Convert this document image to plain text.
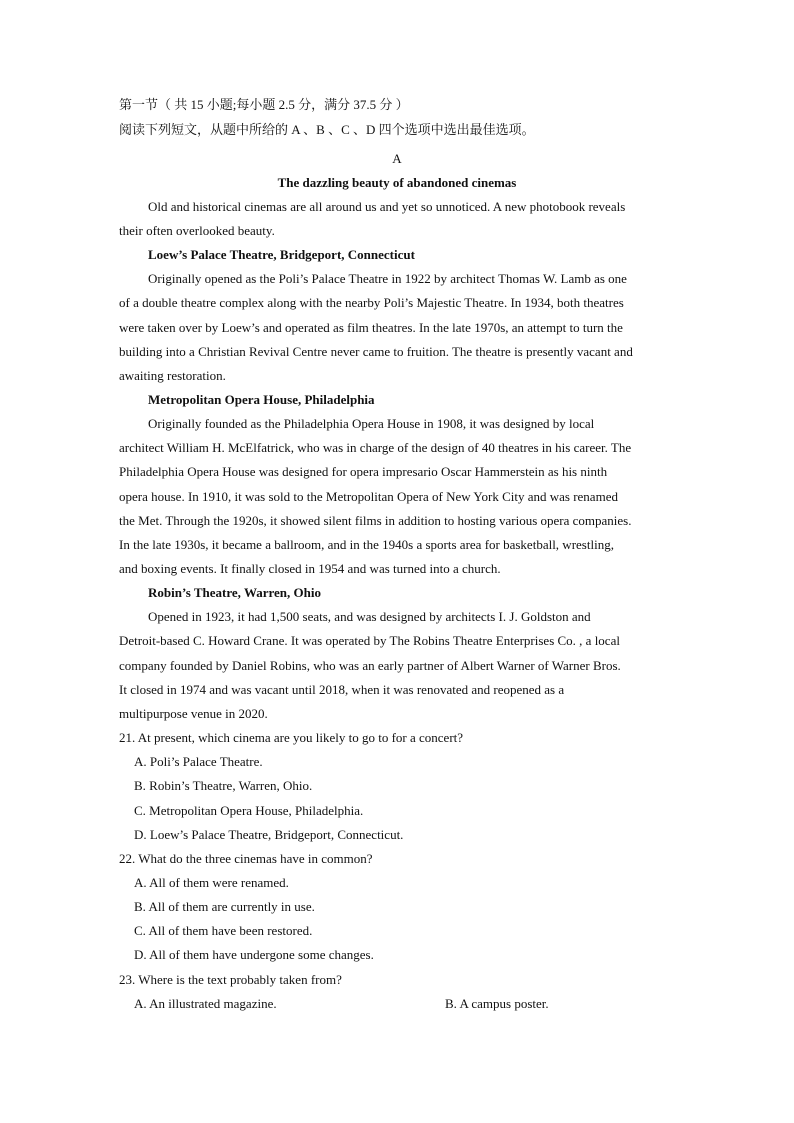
第一节（ 共 15 小题;每小题 2.5 分，满分 37.5 分 ）
阅读下列短文，从题中所给的 A 、B 、C 、D 四个选项中选出最佳选项。
A
The dazzling beauty of abandoned cinemas
Old and historical cinemas are all around us and yet so unnoticed. A new photobook reveals
their often overlooked beauty.
Loew’s Palace Theatre, Bridgeport, Connecticut
Originally opened as the Poli’s Palace Theatre in 1922 by architect Thomas W. Lamb as one
of a double theatre complex along with the nearby Poli’s Majestic Theatre. In 1934, both theatres
were taken over by Loew’s and operated as film theatres. In the late 1970s, an attempt to turn the
building into a Christian Revival Centre never came to fruition. The theatre is presently vacant and
awaiting restoration.
Metropolitan Opera House, Philadelphia
Originally founded as the Philadelphia Opera House in 1908, it was designed by local
architect William H. McElfatrick, who was in charge of the design of 40 theatres in his career. The
Philadelphia Opera House was designed for opera impresario Oscar Hammerstein as his ninth
opera house. In 1910, it was sold to the Metropolitan Opera of New York City and was renamed
the Met. Through the 1920s, it showed silent films in addition to hosting various opera companies.
In the late 1930s, it became a ballroom, and in the 1940s a sports area for basketball, wrestling,
and boxing events. It finally closed in 1954 and was turned into a church.
Robin’s Theatre, Warren, Ohio
Opened in 1923, it had 1,500 seats, and was designed by architects I. J. Goldston and
Detroit-based C. Howard Crane. It was operated by The Robins Theatre Enterprises Co. , a local
company founded by Daniel Robins, who was an early partner of Albert Warner of Warner Bros.
It closed in 1974 and was vacant until 2018, when it was renovated and reopened as a
multipurpose venue in 2020.
21. At present, which cinema are you likely to go to for a concert?
A. Poli’s Palace Theatre.
B. Robin’s Theatre, Warren, Ohio.
C. Metropolitan Opera House, Philadelphia.
D. Loew’s Palace Theatre, Bridgeport, Connecticut.
22. What do the three cinemas have in common?
A. All of them were renamed.
B. All of them are currently in use.
C. All of them have been restored.
D. All of them have undergone some changes.
23. Where is the text probably taken from?
A. An illustrated magazine.	B. A campus poster.
